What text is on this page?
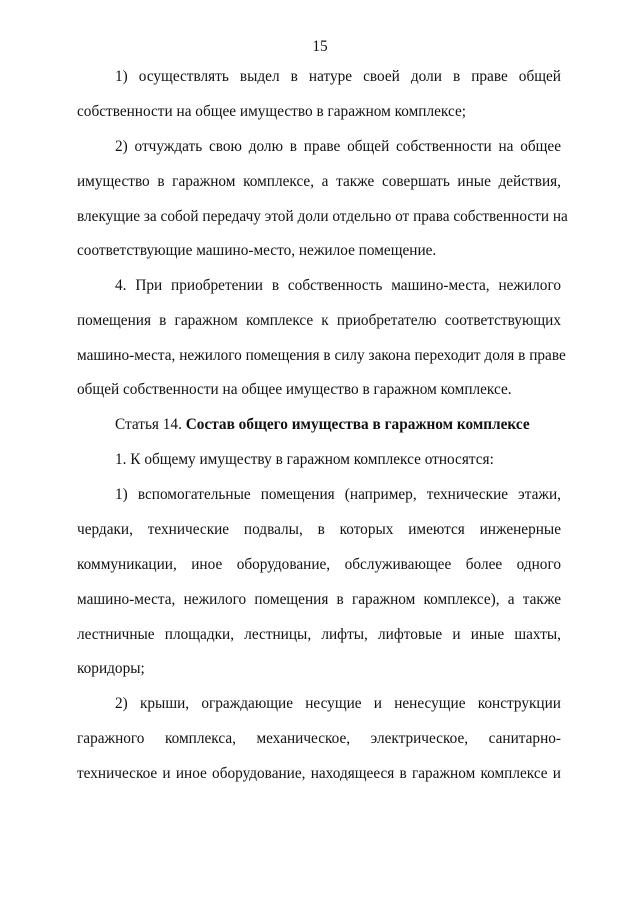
15
1) осуществлять выдел в натуре своей доли в праве общей
собственности на общее имущество в гаражном комплексе;
2) отчуждать свою долю в праве общей собственности на общее
имущество в гаражном комплексе, а также совершать иные действия,
влекущие за собой передачу этой доли отдельно от права собственности на
соответствующие машино-место, нежилое помещение.
4. При приобретении в собственность машино-места, нежилого
помещения в гаражном комплексе к приобретателю соответствующих
машино-места, нежилого помещения в силу закона переходит доля в праве
общей собственности на общее имущество в гаражном комплексе.
Статья 14. Состав общего имущества в гаражном комплексе
1. К общему имуществу в гаражном комплексе относятся:
1) вспомогательные помещения (например, технические этажи,
чердаки, технические подвалы, в которых имеются инженерные
коммуникации, иное оборудование, обслуживающее более одного
машино-места, нежилого помещения в гаражном комплексе), а также
лестничные площадки, лестницы, лифты, лифтовые и иные шахты,
коридоры;
2) крыши, ограждающие несущие и ненесущие конструкции
гаражного комплекса, механическое, электрическое, санитарно-
техническое и иное оборудование, находящееся в гаражном комплексе и
